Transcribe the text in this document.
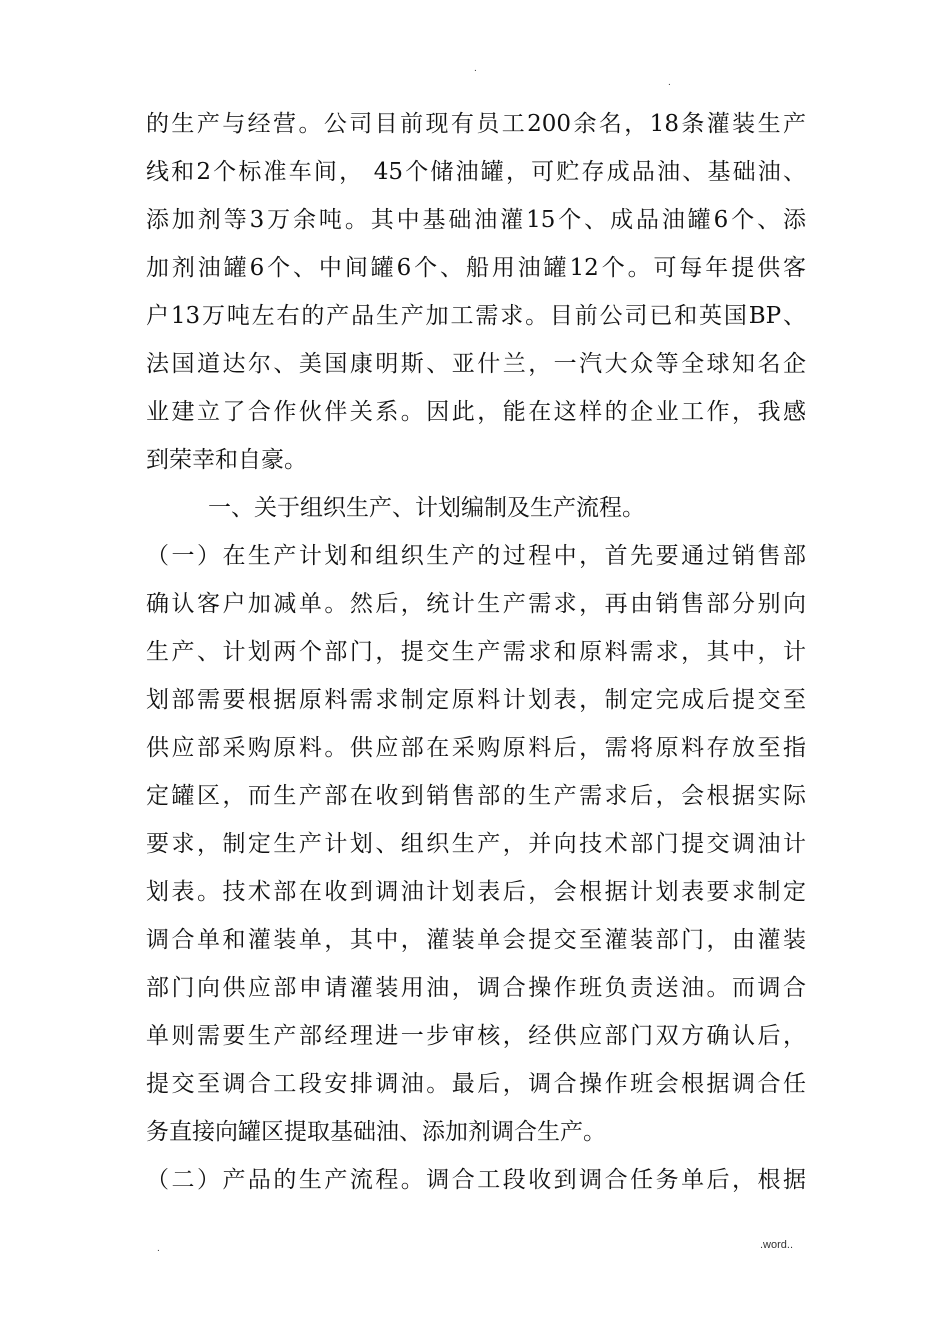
.
.
的生产与经营。公司目前现有员工200余名，18条灌装生产
线和2个标准车间， 45个储油罐，可贮存成品油、基础油、
添加剂等3万余吨。其中基础油灌15个、成品油罐6个、添
加剂油罐6个、中间罐6个、船用油罐12个。可每年提供客
户13万吨左右的产品生产加工需求。目前公司已和英国BP、
法国道达尔、美国康明斯、亚什兰，一汽大众等全球知名企
业建立了合作伙伴关系。因此，能在这样的企业工作，我感
到荣幸和自豪。
一、关于组织生产、计划编制及生产流程。
（一）在生产计划和组织生产的过程中，首先要通过销售部
确认客户加减单。然后，统计生产需求，再由销售部分别向
生产、计划两个部门，提交生产需求和原料需求，其中，计
划部需要根据原料需求制定原料计划表，制定完成后提交至
供应部采购原料。供应部在采购原料后，需将原料存放至指
定罐区，而生产部在收到销售部的生产需求后，会根据实际
要求，制定生产计划、组织生产，并向技术部门提交调油计
划表。技术部在收到调油计划表后，会根据计划表要求制定
调合单和灌装单，其中，灌装单会提交至灌装部门，由灌装
部门向供应部申请灌装用油，调合操作班负责送油。而调合
单则需要生产部经理进一步审核，经供应部门双方确认后，
提交至调合工段安排调油。最后，调合操作班会根据调合任
务直接向罐区提取基础油、添加剂调合生产。
（二）产品的生产流程。调合工段收到调合任务单后，根据
.	.word..
